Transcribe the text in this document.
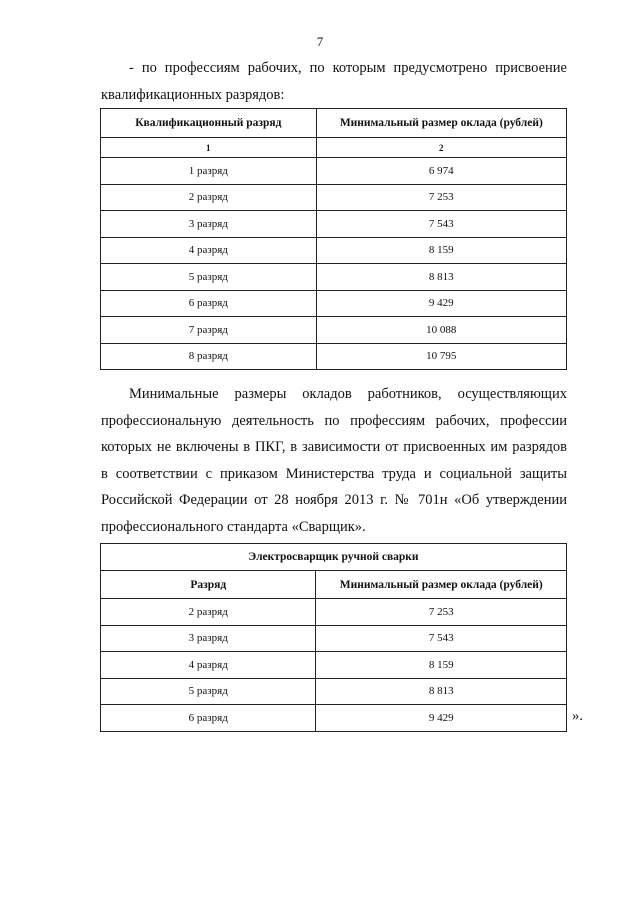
7
- по профессиям рабочих, по которым предусмотрено присвоение
квалификационных разрядов:
Квалификационный разряд	Минимальный размер оклада (рублей)
1	2
1 разряд	6 974
2 разряд	7 253
3 разряд	7 543
4 разряд	8 159
5 разряд	8 813
6 разряд	9 429
7 разряд	10 088
8 разряд	10 795
Минимальные размеры окладов работников, осуществляющих
профессиональную деятельность по профессиям рабочих, профессии
которых не включены в ПКГ, в зависимости от присвоенных им разрядов
в соответствии с приказом Министерства труда и социальной защиты
Российской Федерации от 28 ноября 2013 г. № 701н «Об утверждении
профессионального стандарта «Сварщик».
Электросварщик ручной сварки	
Разряд	Минимальный размер оклада (рублей)
2 разряд	7 253
3 разряд	7 543
4 разряд	8 159
5 разряд	8 813
6 разряд	9 429	».
